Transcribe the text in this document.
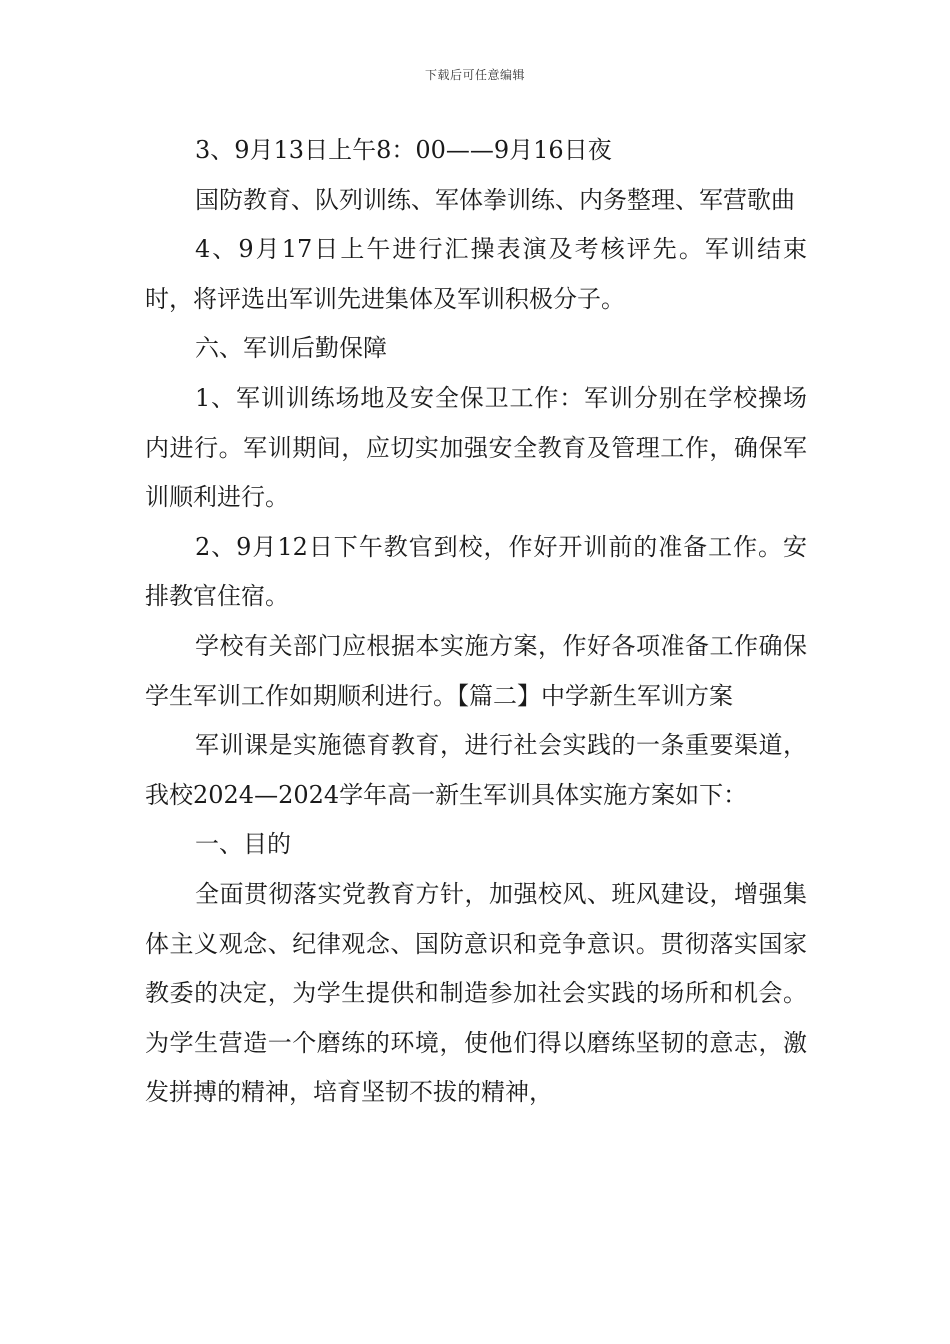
下载后可任意编辑

3、9月13日上午8：00——9月16日夜

国防教育、队列训练、军体拳训练、内务整理、军营歌曲

4、9月17日上午进行汇操表演及考核评先。军训结束时，将评选出军训先进集体及军训积极分子。

六、军训后勤保障

1、军训训练场地及安全保卫工作：军训分别在学校操场内进行。军训期间，应切实加强安全教育及管理工作，确保军训顺利进行。

2、9月12日下午教官到校，作好开训前的准备工作。安排教官住宿。

学校有关部门应根据本实施方案，作好各项准备工作确保学生军训工作如期顺利进行。【篇二】中学新生军训方案

军训课是实施德育教育，进行社会实践的一条重要渠道，我校2024—2024学年高一新生军训具体实施方案如下：

一、目的

全面贯彻落实党教育方针，加强校风、班风建设，增强集体主义观念、纪律观念、国防意识和竞争意识。贯彻落实国家教委的决定，为学生提供和制造参加社会实践的场所和机会。为学生营造一个磨练的环境，使他们得以磨练坚韧的意志，激发拼搏的精神，培育坚韧不拔的精神，
